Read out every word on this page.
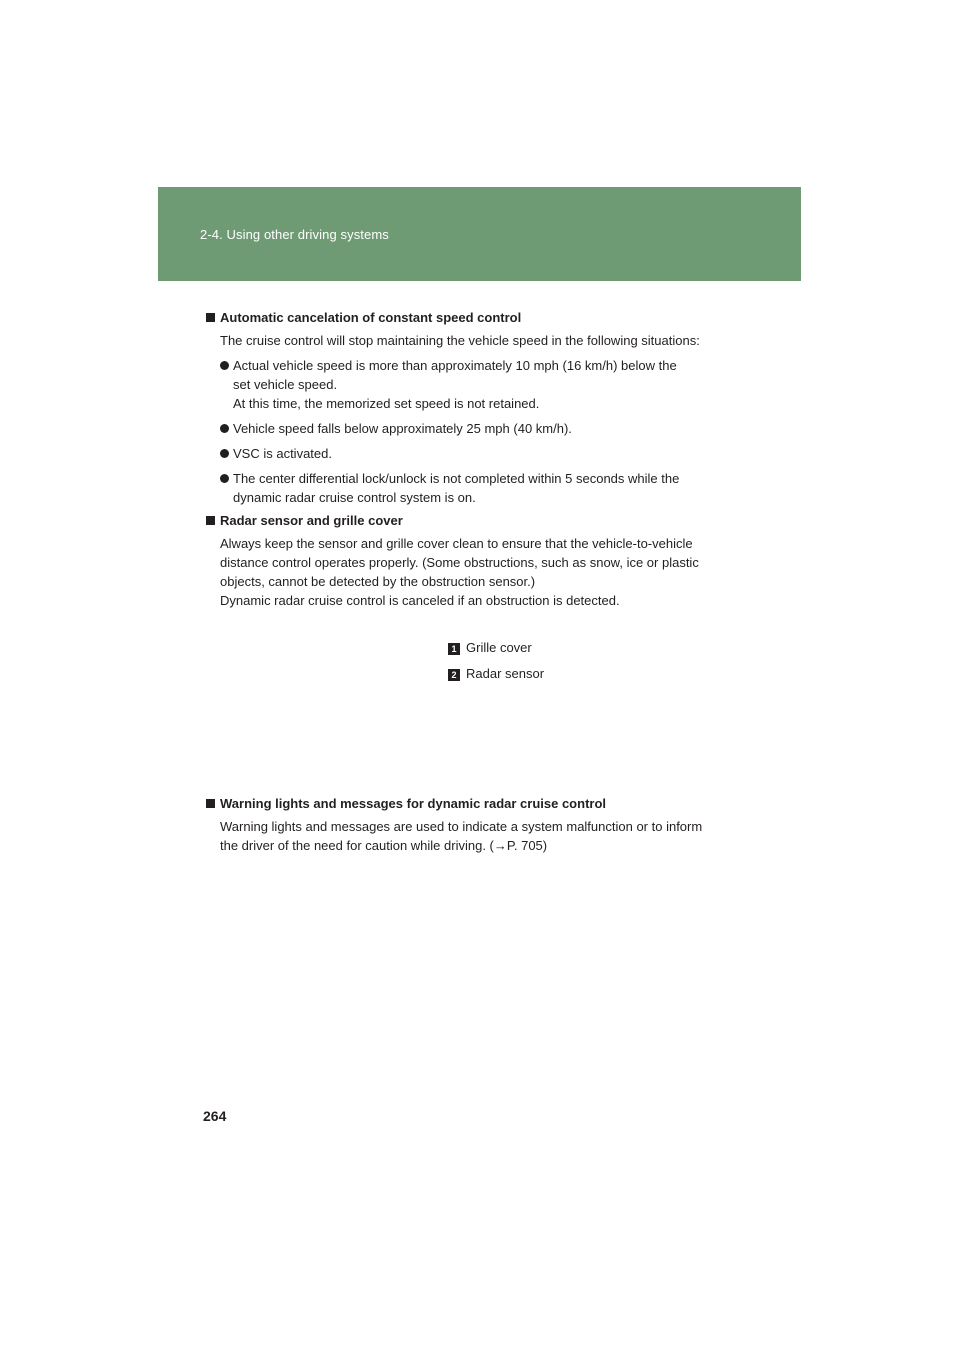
2-4. Using other driving systems
Automatic cancelation of constant speed control
The cruise control will stop maintaining the vehicle speed in the following situations:
Actual vehicle speed is more than approximately 10 mph (16 km/h) below the
set vehicle speed.
At this time, the memorized set speed is not retained.
Vehicle speed falls below approximately 25 mph (40 km/h).
VSC is activated.
The center differential lock/unlock is not completed within 5 seconds while the
dynamic radar cruise control system is on.
Radar sensor and grille cover
Always keep the sensor and grille cover clean to ensure that the vehicle-to-vehicle
distance control operates properly. (Some obstructions, such as snow, ice or plastic
objects, cannot be detected by the obstruction sensor.)
Dynamic radar cruise control is canceled if an obstruction is detected.
1 Grille cover
2 Radar sensor
Warning lights and messages for dynamic radar cruise control
Warning lights and messages are used to indicate a system malfunction or to inform
the driver of the need for caution while driving. (→P. 705)
264
